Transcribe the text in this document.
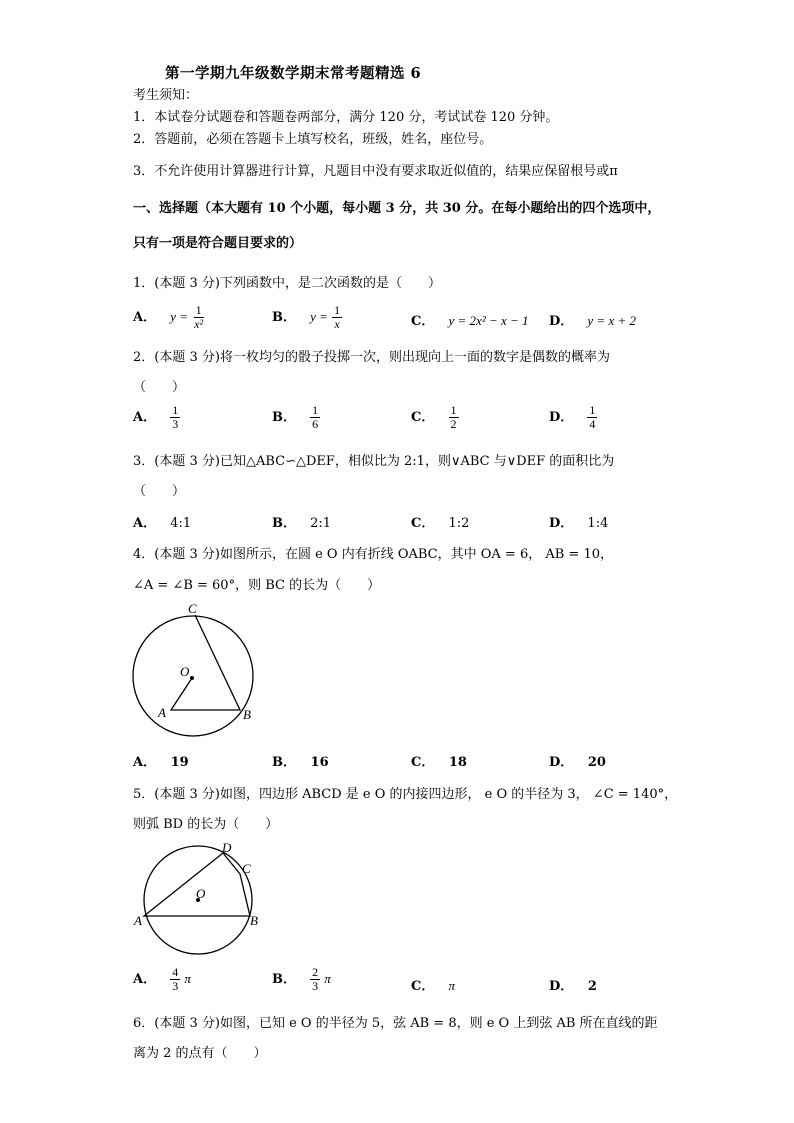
第一学期九年级数学期末常考题精选 6
考生须知：
1．本试卷分试题卷和答题卷两部分，满分 120 分，考试试卷 120 分钟。
2．答题前，必须在答题卡上填写校名，班级，姓名，座位号。
3．不允许使用计算器进行计算，凡题目中没有要求取近似值的，结果应保留根号或π
一、选择题（本大题有 10 个小题，每小题 3 分，共 30 分。在每小题给出的四个选项中，
只有一项是符合题目要求的）
1．(本题 3 分)下列函数中，是二次函数的是（　　）
A． $y = \frac{1}{\text{x²}}$	B． $y = \frac{1}{x}$	C． y = 2x² − x − 1 D． y = x + 2
2．(本题 3 分)将一枚均匀的骰子投掷一次，则出现向上一面的数字是偶数的概率为
（　　）
A． $\frac{1}{3}$	B． $\frac{1}{6}$	C． $\frac{1}{2}$	D． $\frac{1}{4}$
3．(本题 3 分)已知△ABC∽△DEF，相似比为 2:1，则∨ABC 与∨DEF 的面积比为
（　　）
A． 4:1	B． 2:1	C． 1:2	D． 1:4
4．(本题 3 分)如图所示，在圆 e O 内有折线 OABC，其中 OA = 6， AB = 10，
∠A = ∠B = 60°，则 BC 的长为（　　）
C
O
A	B
A． 19	B． 16	C． 18	D． 20
5．(本题 3 分)如图，四边形 ABCD 是 e O 的内接四边形， e O 的半径为 3， ∠C = 140°，
则弧 BD 的长为（　　）
D
C
O
A	B
A． $\frac{4}{3}$ π	B． $\frac{2}{3}$ π
C． π	D． 2
6．(本题 3 分)如图，已知 e O 的半径为 5，弦 AB = 8，则 e O 上到弦 AB 所在直线的距
离为 2 的点有（　　）
